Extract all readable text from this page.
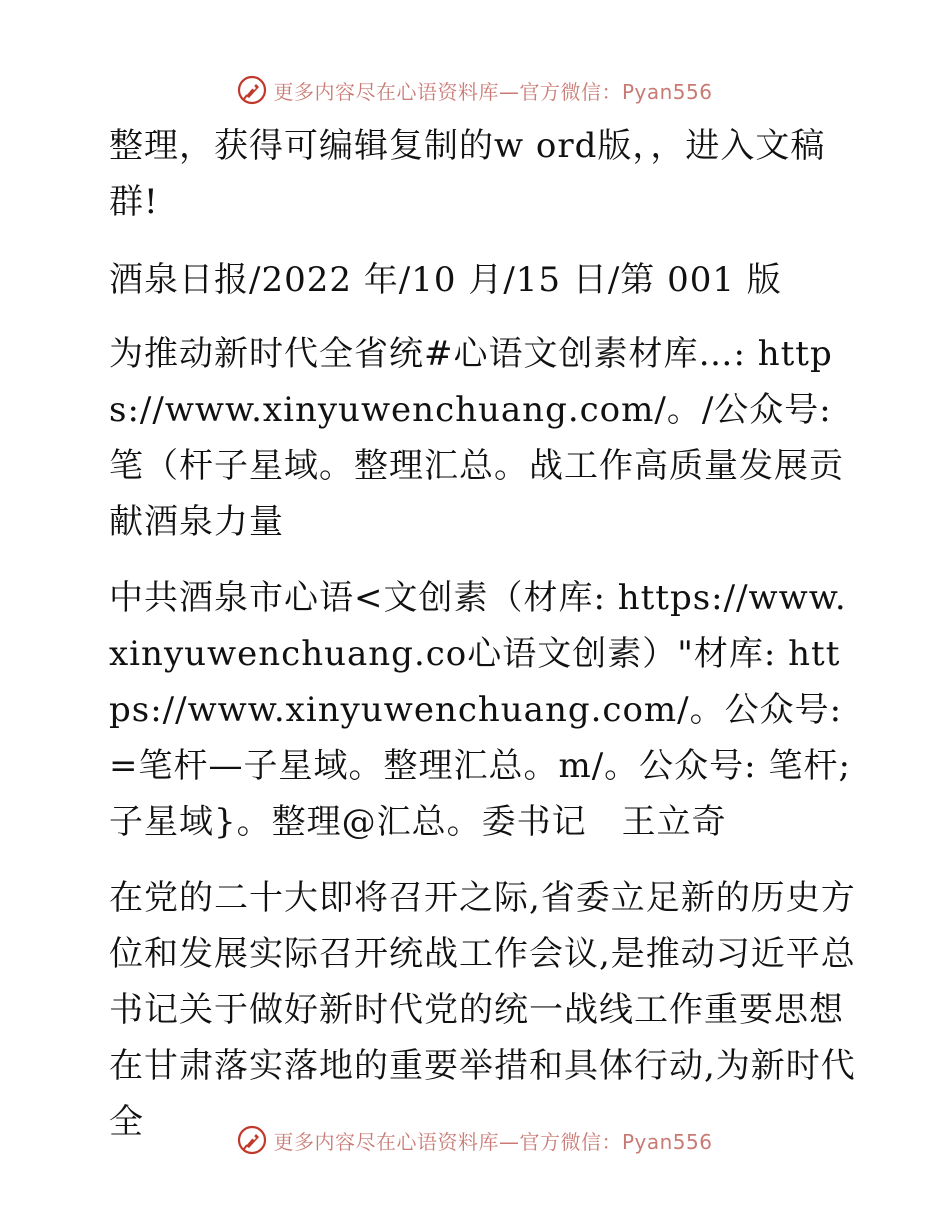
更多内容尽在心语资料库—官方微信：Pyan556

整理，获得可编辑复制的w ord版，，进入文稿群!

酒泉日报/2022 年/10 月/15 日/第 001 版

为推动新时代全省统#心语文创素材库…: https://www.xinyuwenchuang.com/。/公众号: 笔（杆子星域。整理汇总。战工作高质量发展贡献酒泉力量

中共酒泉市心语<文创素（材库: https://www.xinyuwenchuang.co心语文创素）"材库: https://www.xinyuwenchuang.com/。公众号: =笔杆—子星域。整理汇总。m/。公众号: 笔杆;子星域}。整理@汇总。委书记　王立奇

在党的二十大即将召开之际,省委立足新的历史方位和发展实际召开统战工作会议,是推动习近平总书记关于做好新时代党的统一战线工作重要思想在甘肃落实落地的重要举措和具体行动,为新时代全	更多内容尽在心语资料库—官方微信：Pyan556
